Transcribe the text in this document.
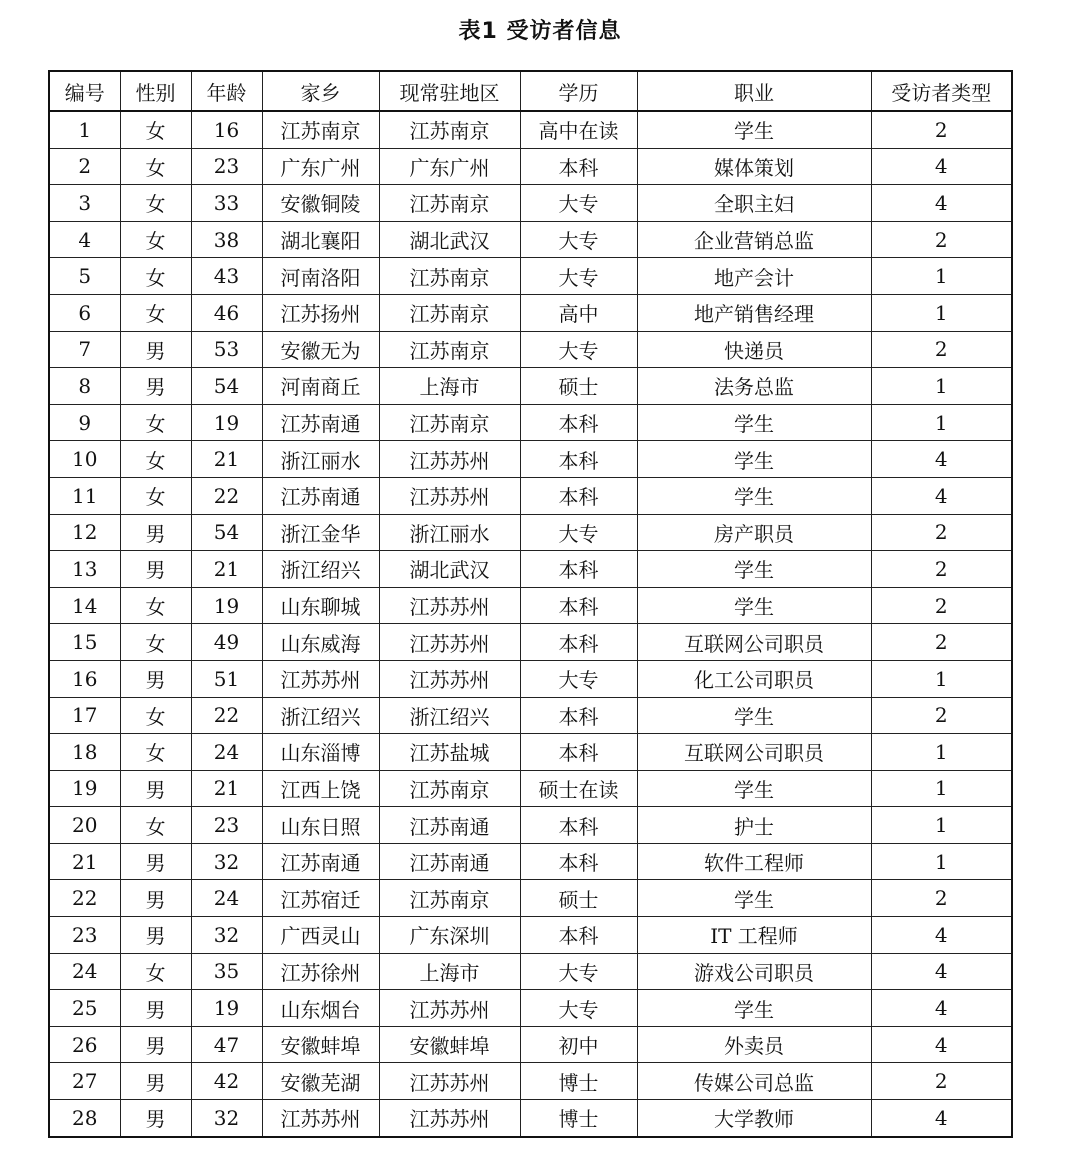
表1 受访者信息
编号	性别	年龄	家乡	现常驻地区	学历	职业	受访者类型
1	女	16	江苏南京	江苏南京	高中在读	学生	2
2	女	23	广东广州	广东广州	本科	媒体策划	4
3	女	33	安徽铜陵	江苏南京	大专	全职主妇	4
4	女	38	湖北襄阳	湖北武汉	大专	企业营销总监	2
5	女	43	河南洛阳	江苏南京	大专	地产会计	1
6	女	46	江苏扬州	江苏南京	高中	地产销售经理	1
7	男	53	安徽无为	江苏南京	大专	快递员	2
8	男	54	河南商丘	上海市	硕士	法务总监	1
9	女	19	江苏南通	江苏南京	本科	学生	1
10	女	21	浙江丽水	江苏苏州	本科	学生	4
11	女	22	江苏南通	江苏苏州	本科	学生	4
12	男	54	浙江金华	浙江丽水	大专	房产职员	2
13	男	21	浙江绍兴	湖北武汉	本科	学生	2
14	女	19	山东聊城	江苏苏州	本科	学生	2
15	女	49	山东威海	江苏苏州	本科	互联网公司职员	2
16	男	51	江苏苏州	江苏苏州	大专	化工公司职员	1
17	女	22	浙江绍兴	浙江绍兴	本科	学生	2
18	女	24	山东淄博	江苏盐城	本科	互联网公司职员	1
19	男	21	江西上饶	江苏南京	硕士在读	学生	1
20	女	23	山东日照	江苏南通	本科	护士	1
21	男	32	江苏南通	江苏南通	本科	软件工程师	1
22	男	24	江苏宿迁	江苏南京	硕士	学生	2
23	男	32	广西灵山	广东深圳	本科	IT 工程师	4
24	女	35	江苏徐州	上海市	大专	游戏公司职员	4
25	男	19	山东烟台	江苏苏州	大专	学生	4
26	男	47	安徽蚌埠	安徽蚌埠	初中	外卖员	4
27	男	42	安徽芜湖	江苏苏州	博士	传媒公司总监	2
28	男	32	江苏苏州	江苏苏州	博士	大学教师	4
